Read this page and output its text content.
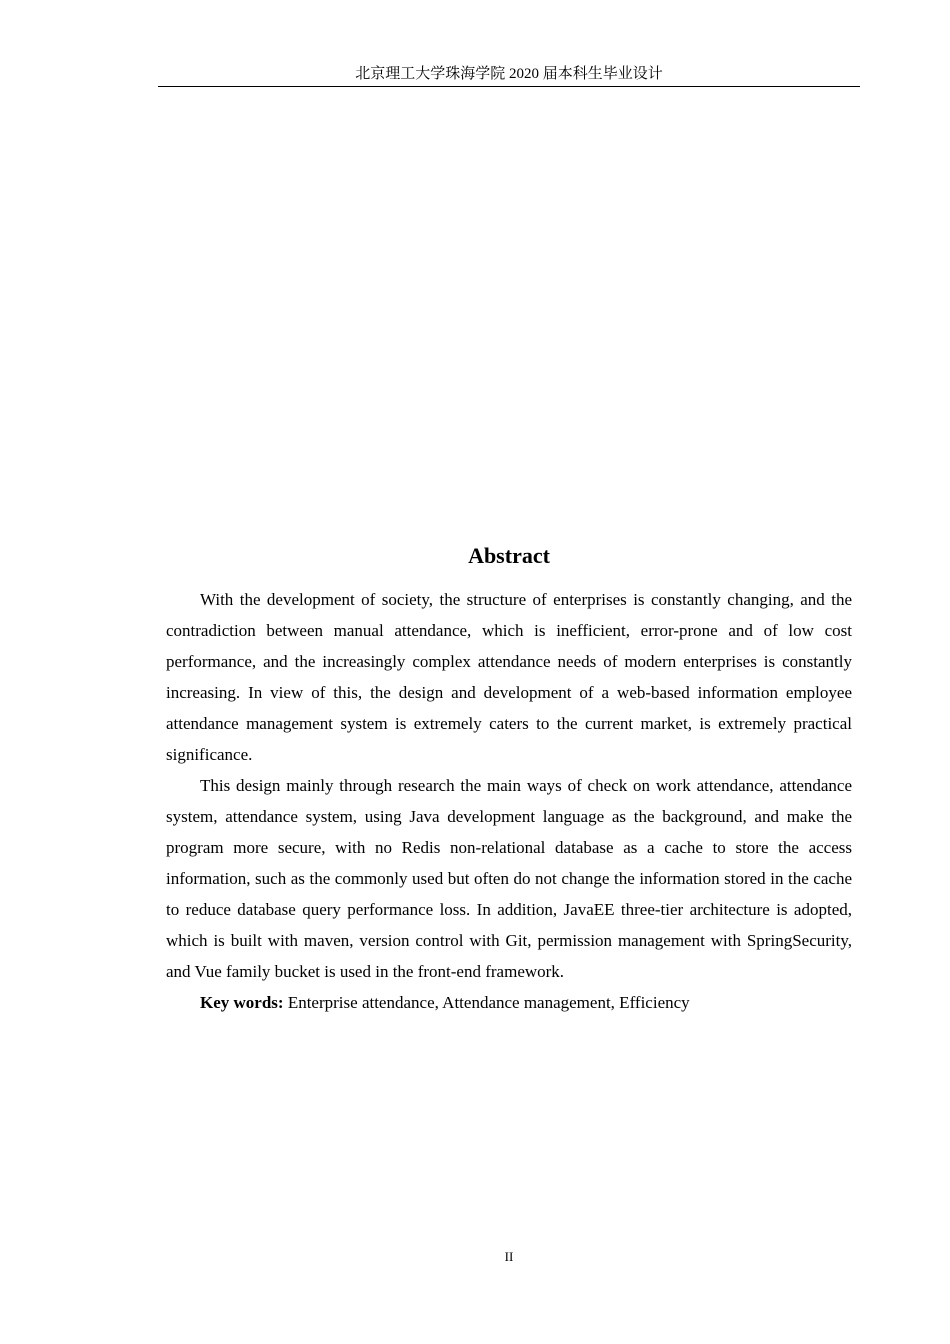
北京理工大学珠海学院 2020 届本科生毕业设计
Abstract

With the development of society, the structure of enterprises is constantly changing, and the contradiction between manual attendance, which is inefficient, error-prone and of low cost performance, and the increasingly complex attendance needs of modern enterprises is constantly increasing. In view of this, the design and development of a web-based information employee attendance management system is extremely caters to the current market, is extremely practical significance.

This design mainly through research the main ways of check on work attendance, attendance system, attendance system, using Java development language as the background, and make the program more secure, with no Redis non-relational database as a cache to store the access information, such as the commonly used but often do not change the information stored in the cache to reduce database query performance loss. In addition, JavaEE three-tier architecture is adopted, which is built with maven, version control with Git, permission management with SpringSecurity, and Vue family bucket is used in the front-end framework.

Key words: Enterprise attendance, Attendance management, Efficiency

II
